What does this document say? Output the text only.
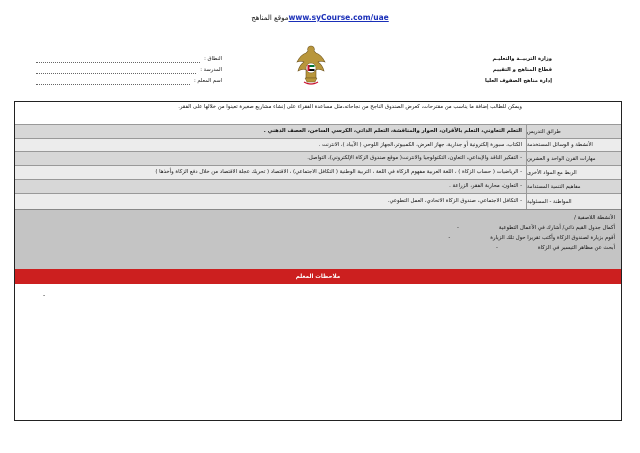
www.syCourse.com/uaeموقع المناهج
وزارة التربيــة والتعليـم
قطاع المناهج و التقييم
إدارة مناهج الصفوف العليا
النطاق :
المدرسة :
اسم المعلم :
ويمكن للطالب إضافة ما يناسب من مقترحات، كعرض الصندوق الناجح من نجاحاته،مثل مساعدة الفقراء على إنشاء مشاريع صغيرة تعينوا من خلالها على الفقر.
طرائق التدريس
التعلم التعاوني، التعلم بالأقران، الحوار والمناقشة، التعلم الذاتي، الكرسي الساخن، العصف الذهني .
الأنشطة و الوسائل المستخدمة
الكتاب، سبورة إلكترونية أو جدارية، جهاز العرض، الكمبيوتر،الجهاز اللوحي ( الآيباد )، الانترنت .
مهارات القرن الواحد و العشرين
- التفكير الناقد والإبداعي، التعاون، التكنولوجيا والانترنت( موقع صندوق الزكاة الإلكتروني)، التواصل.
الربط مع المواد الأخرى
- الرياضيات ( حساب الزكاة ) ، اللغة العربية مفهوم الزكاة في اللغة ، التربية الوطنية ( التكافل الاجتماعي) ، الاقتصاد ( تحريك عجلة الاقتصاد من خلال دفع الزكاة وأخذها )
مفاهيم التنمية المستدامة
- التعاون، محاربة الفقر، الزراعة .
المواطنة - المسئولية
- التكافل الاجتماعي، صندوق الزكاة الاتحادي، العمل التطوعي.
الأنشطة اللاصفية /
أكمال جدول القيم ذاتي/ أشارك في الأعمال التطوعية-
أقوم بزيارة لصندوق الزكاة وأكتب تقريرا حول تلك الزيارة-
أبحث عن مظاهر التيسير في الزكاة-
ملاحظات المعلم
-
